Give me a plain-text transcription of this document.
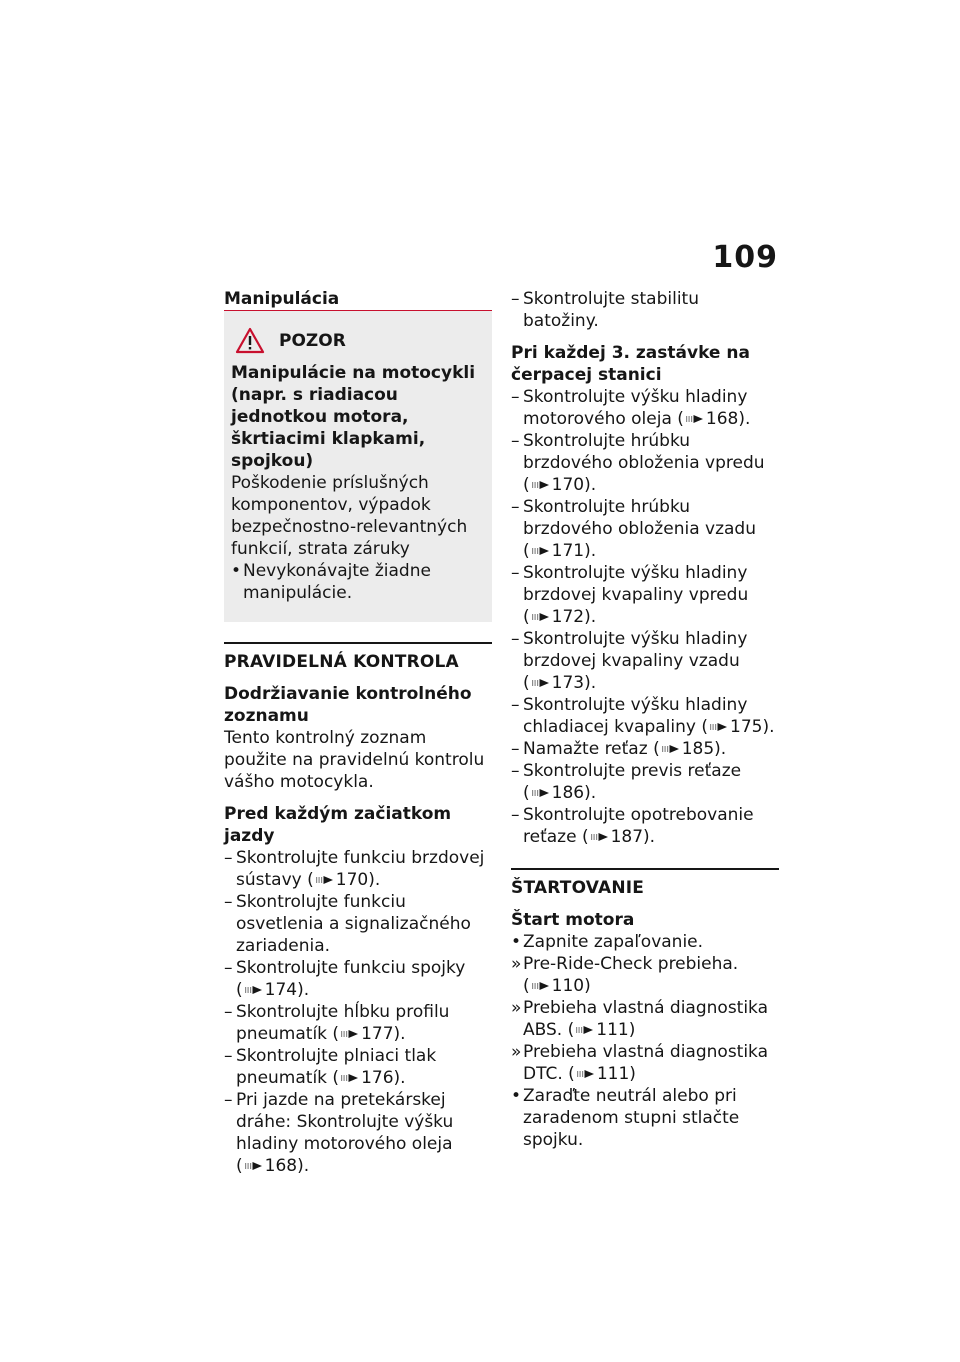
109
Manipulácia
POZOR
Manipulácie na motocykli (napr. s riadiacou jednotkou motora, škrtiacimi klapkami, spojkou)
Poškodenie príslušných komponentov, výpadok bezpečnostno-relevantných funkcií, strata záruky
• Nevykonávajte žiadne manipulácie.
PRAVIDELNÁ KONTROLA
Dodržiavanie kontrolného zoznamu

Tento kontrolný zoznam použite na pravidelnú kontrolu vášho motocykla.

Pred každým začiatkom jazdy
– Skontrolujte funkciu brzdovej sústavy ( 170).
– Skontrolujte funkciu osvetlenia a signalizačného zariadenia.
– Skontrolujte funkciu spojky ( 174).
– Skontrolujte hĺbku profilu pneumatík ( 177).
– Skontrolujte plniaci tlak pneumatík ( 176).
– Pri jazde na pretekárskej dráhe: Skontrolujte výšku hladiny motorového oleja ( 168).
– Skontrolujte stabilitu batožiny.
Pri každej 3. zastávke na čerpacej stanici
– Skontrolujte výšku hladiny motorového oleja ( 168).
– Skontrolujte hrúbku brzdového obloženia vpredu ( 170).
– Skontrolujte hrúbku brzdového obloženia vzadu ( 171).
– Skontrolujte výšku hladiny brzdovej kvapaliny vpredu ( 172).
– Skontrolujte výšku hladiny brzdovej kvapaliny vzadu ( 173).
– Skontrolujte výšku hladiny chladiacej kvapaliny ( 175).
– Namažte reťaz ( 185).
– Skontrolujte previs reťaze ( 186).
– Skontrolujte opotrebovanie reťaze ( 187).
ŠTARTOVANIE
Štart motora
• Zapnite zapaľovanie.
» Pre-Ride-Check prebieha. ( 110)
» Prebieha vlastná diagnostika ABS. ( 111)
» Prebieha vlastná diagnostika DTC. ( 111)
• Zaraďte neutrál alebo pri zaradenom stupni stlačte spojku.
